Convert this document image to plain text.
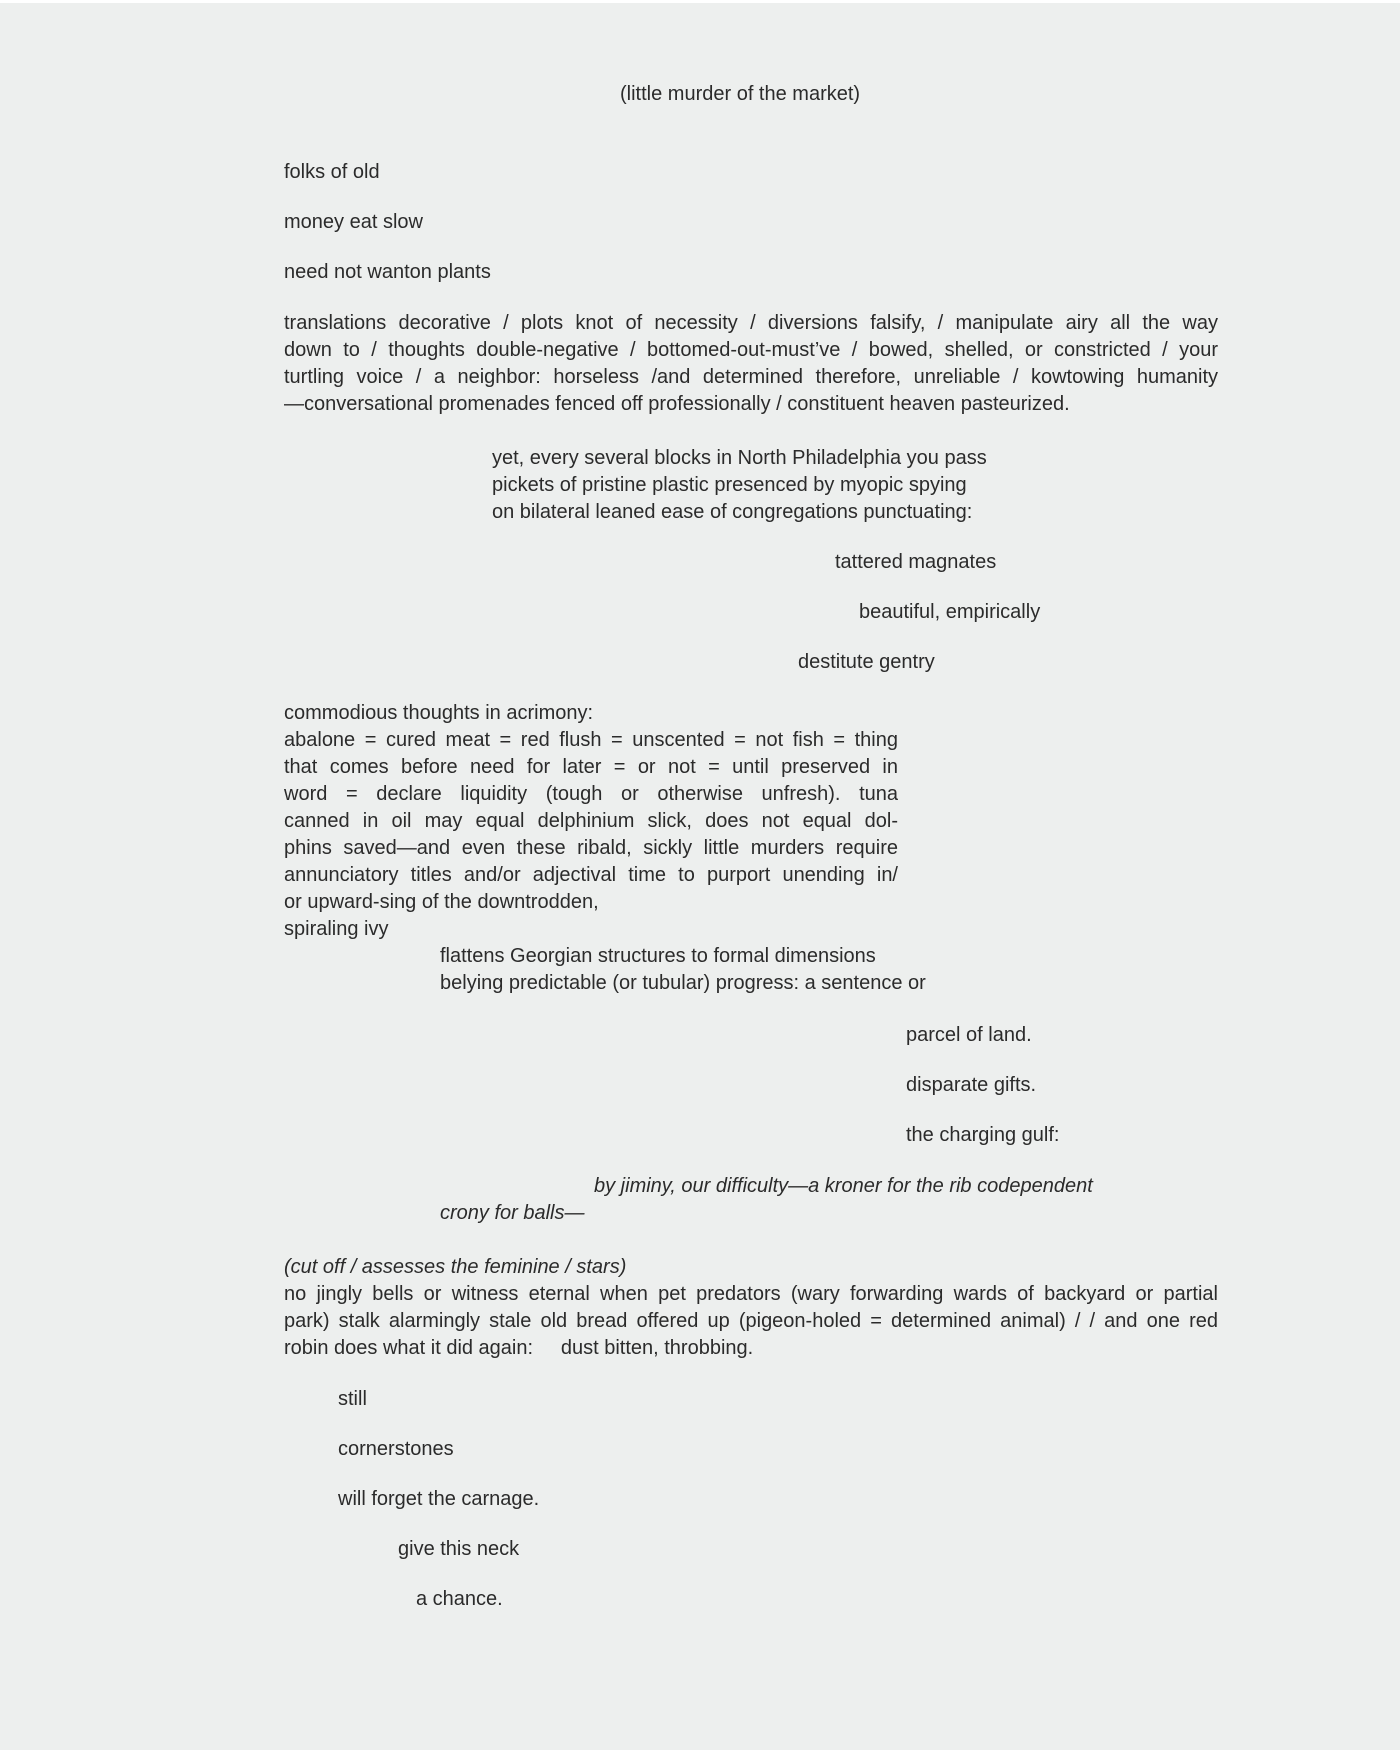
(little murder of the market)

folks of old

money eat slow

need not wanton plants

translations decorative / plots knot of necessity / diversions falsify, / manipulate airy all the way
down to / thoughts double-negative / bottomed-out-must’ve / bowed, shelled, or constricted / your
turtling voice / a neighbor: horseless /and determined therefore, unreliable / kowtowing humanity
—conversational promenades fenced off professionally / constituent heaven pasteurized.

yet, every several blocks in North Philadelphia you pass

pickets of pristine plastic presenced by myopic spying

on bilateral leaned ease of congregations punctuating:

tattered magnates

beautiful, empirically

destitute gentry

commodious thoughts in acrimony:
abalone = cured meat = red flush = unscented = not fish = thing
that comes before need for later = or not = until preserved in
word = declare liquidity (tough or otherwise unfresh). tuna
canned in oil may equal delphinium slick, does not equal dol-
phins saved—and even these ribald, sickly little murders require
annunciatory titles and/or adjectival time to purport unending in/
or upward-sing of the downtrodden,
spiraling ivy

flattens Georgian structures to formal dimensions

belying predictable (or tubular) progress: a sentence or

parcel of land.

disparate gifts.

the charging gulf:

by jiminy, our difficulty—a kroner for the rib codependent

crony for balls—

(cut off / assesses the feminine / stars)

no jingly bells or witness eternal when pet predators (wary forwarding wards of backyard or partial
park) stalk alarmingly stale old bread offered up (pigeon-holed = determined animal) / / and one red
robin does what it did again:     dust bitten, throbbing.

still

cornerstones

will forget the carnage.

give this neck

a chance.
